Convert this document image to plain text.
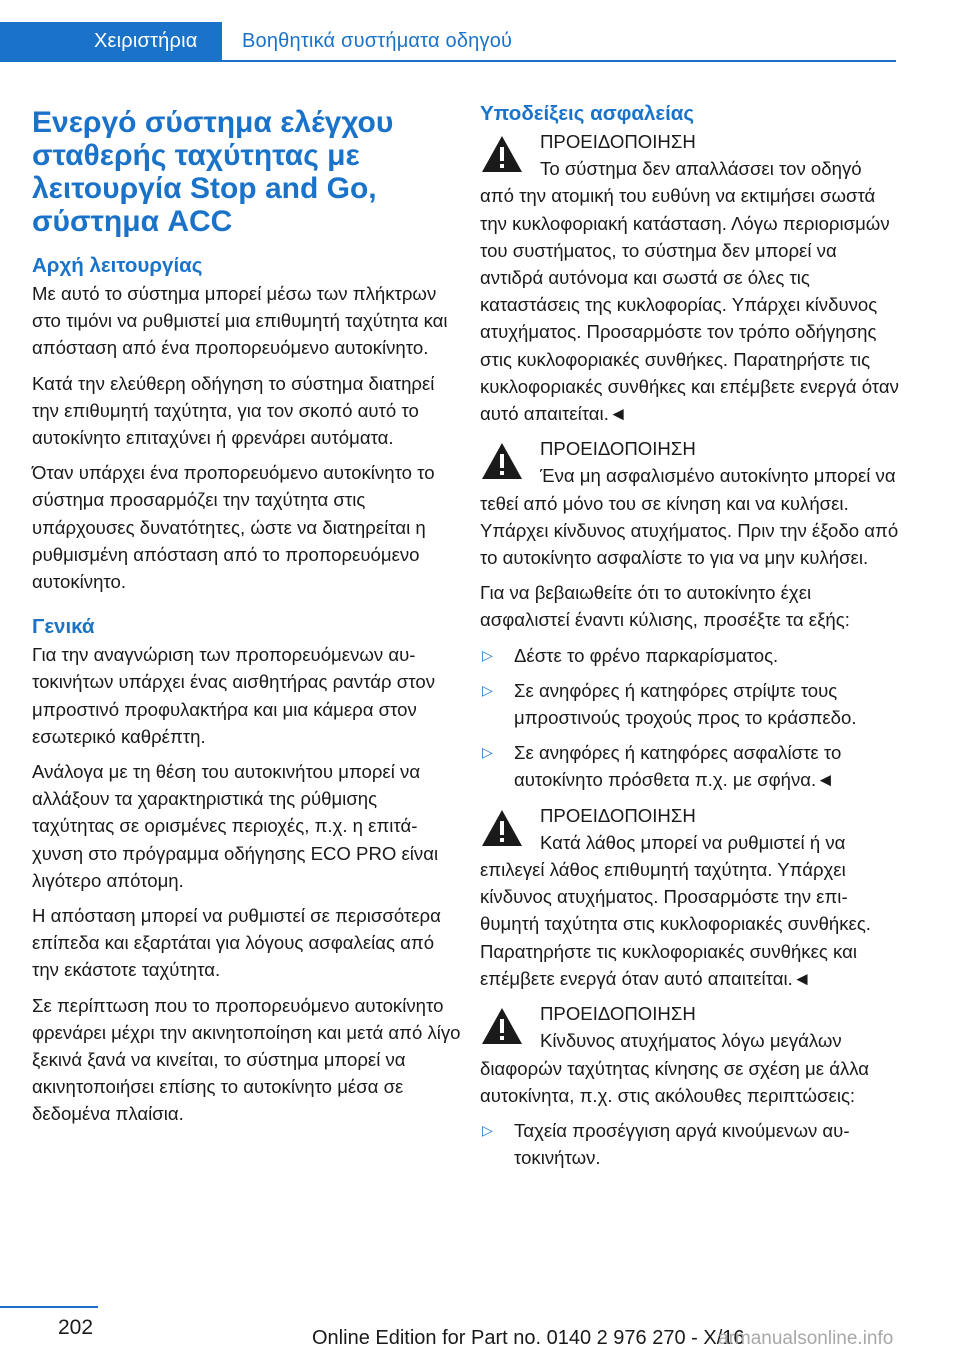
Χειριστήρια Βοηθητικά συστήματα οδηγού
Ενεργό σύστημα ελέγχου σταθερής ταχύτητας με λειτουργία Stop and Go, σύστημα ACC
Αρχή λειτουργίας

Με αυτό το σύστημα μπορεί μέσω των πλήκτρων στο τιμόνι να ρυθμιστεί μια επιθυμητή ταχύτητα και απόσταση από ένα προπορευόμενο αυτοκίνητο.

Κατά την ελεύθερη οδήγηση το σύστημα διατηρεί την επιθυμητή ταχύτητα, για τον σκοπό αυτό το αυτοκίνητο επιταχύνει ή φρενάρει αυτόματα.

Όταν υπάρχει ένα προπορευόμενο αυτοκίνητο το σύστημα προσαρμόζει την ταχύτητα στις υπάρχουσες δυνατότητες, ώστε να διατηρείται η ρυθμισμένη απόσταση από το προπορευόμενο αυτοκίνητο.

Γενικά

Για την αναγνώριση των προπορευόμενων αυτοκινήτων υπάρχει ένας αισθητήρας ραντάρ στον μπροστινό προφυλακτήρα και μια κάμερα στον εσωτερικό καθρέπτη.

Ανάλογα με τη θέση του αυτοκινήτου μπορεί να αλλάξουν τα χαρακτηριστικά της ρύθμισης ταχύτητας σε ορισμένες περιοχές, π.χ. η επιτάχυνση στο πρόγραμμα οδήγησης ECO PRO είναι λιγότερο απότομη.

Η απόσταση μπορεί να ρυθμιστεί σε περισσότερα επίπεδα και εξαρτάται για λόγους ασφαλείας από την εκάστοτε ταχύτητα.

Σε περίπτωση που το προπορευόμενο αυτοκίνητο φρενάρει μέχρι την ακινητοποίηση και μετά από λίγο ξεκινά ξανά να κινείται, το σύστημα μπορεί να ακινητοποιήσει επίσης το αυτοκίνητο μέσα σε δεδομένα πλαίσια.

Υποδείξεις ασφαλείας
ΠΡΟΕΙΔΟΠΟΙΗΣΗ
Το σύστημα δεν απαλλάσσει τον οδηγό από την ατομική του ευθύνη να εκτιμήσει σωστά την κυκλοφοριακή κατάσταση. Λόγω περιορισμών του συστήματος, το σύστημα δεν μπορεί να αντιδρά αυτόνομα και σωστά σε όλες τις καταστάσεις της κυκλοφορίας. Υπάρχει κίνδυνος ατυχήματος. Προσαρμόστε τον τρόπο οδήγησης στις κυκλοφοριακές συνθήκες. Παρατηρήστε τις κυκλοφοριακές συνθήκες και επέμβετε ενεργά όταν αυτό απαιτείται.◄
ΠΡΟΕΙΔΟΠΟΙΗΣΗ
Ένα μη ασφαλισμένο αυτοκίνητο μπορεί να τεθεί από μόνο του σε κίνηση και να κυλήσει. Υπάρχει κίνδυνος ατυχήματος. Πριν την έξοδο από το αυτοκίνητο ασφαλίστε το για να μην κυλήσει.

Για να βεβαιωθείτε ότι το αυτοκίνητο έχει ασφαλιστεί έναντι κύλισης, προσέξτε τα εξής:

▷ Δέστε το φρένο παρκαρίσματος.
▷ Σε ανηφόρες ή κατηφόρες στρίψτε τους μπροστινούς τροχούς προς το κράσπεδο.
▷ Σε ανηφόρες ή κατηφόρες ασφαλίστε το αυτοκίνητο πρόσθετα π.χ. με σφήνα.◄
ΠΡΟΕΙΔΟΠΟΙΗΣΗ
Κατά λάθος μπορεί να ρυθμιστεί ή να επιλεγεί λάθος επιθυμητή ταχύτητα. Υπάρχει κίνδυνος ατυχήματος. Προσαρμόστε την επιθυμητή ταχύτητα στις κυκλοφοριακές συνθήκες. Παρατηρήστε τις κυκλοφοριακές συνθήκες και επέμβετε ενεργά όταν αυτό απαιτείται.◄
ΠΡΟΕΙΔΟΠΟΙΗΣΗ
Κίνδυνος ατυχήματος λόγω μεγάλων διαφορών ταχύτητας κίνησης σε σχέση με άλλα αυτοκίνητα, π.χ. στις ακόλουθες περιπτώσεις:
▷ Ταχεία προσέγγιση αργά κινούμενων αυτοκινήτων.
202	Online Edition for Part no. 0140 2 976 270 - X/16
armanualsonline.info
